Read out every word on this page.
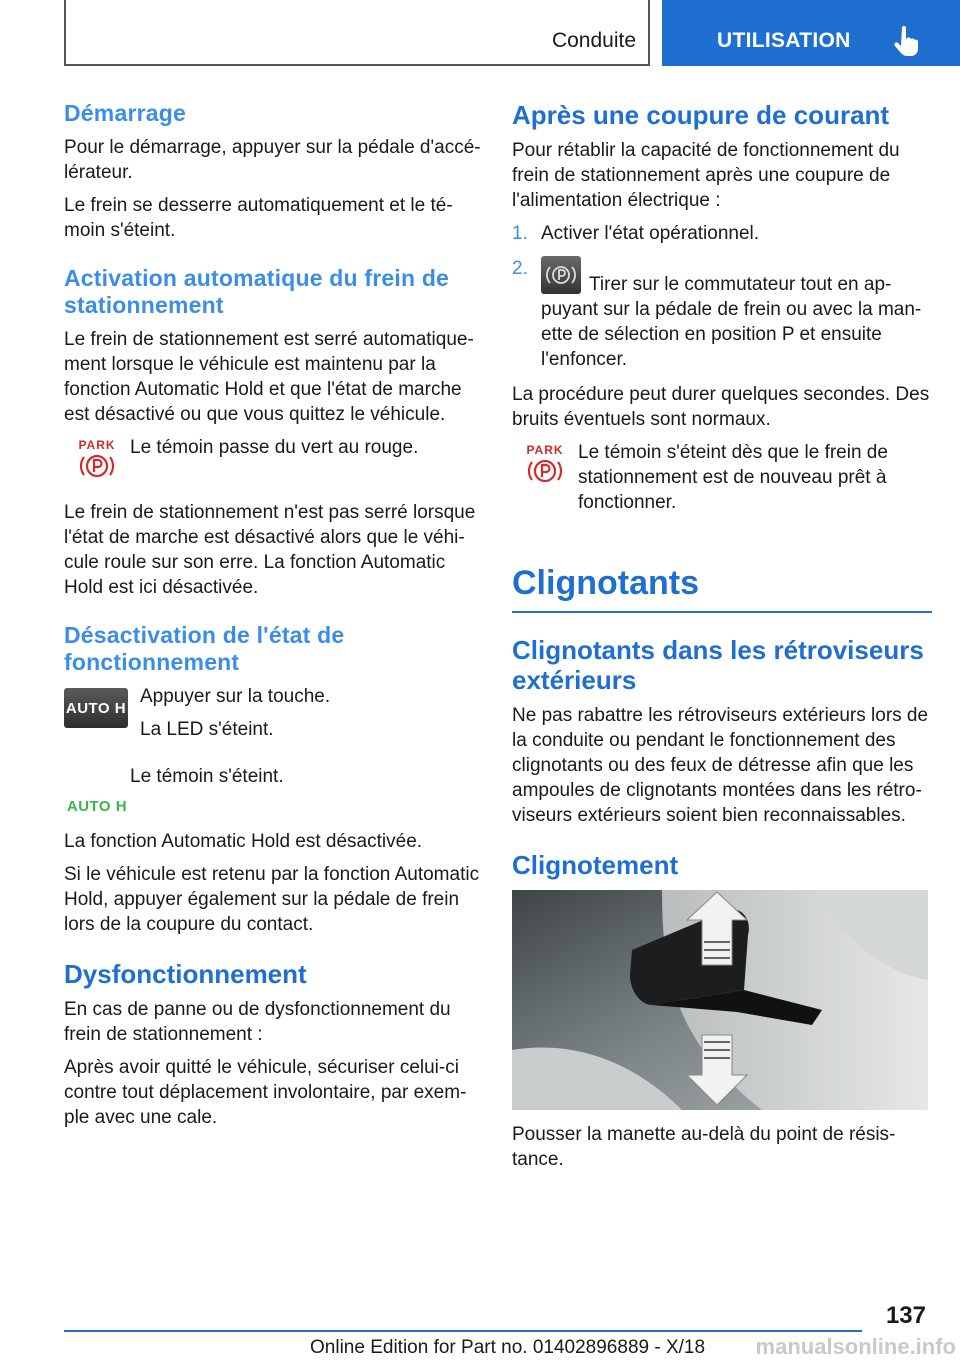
Conduite	UTILISATION
Démarrage

Pour le démarrage, appuyer sur la pédale d'accélérateur.

Le frein se desserre automatiquement et le témoin s'éteint.

Activation automatique du frein de stationnement

Le frein de stationnement est serré automatiquement lorsque le véhicule est maintenu par la fonction Automatic Hold et que l'état de marche est désactivé ou que vous quittez le véhicule.

PARK Le témoin passe du vert au rouge.

Le frein de stationnement n'est pas serré lorsque l'état de marche est désactivé alors que le véhicule roule sur son erre. La fonction Automatic Hold est ici désactivée.

Désactivation de l'état de fonctionnement
AUTO H

Appuyer sur la touche.

La LED s'éteint.

AUTO H

Le témoin s'éteint.

La fonction Automatic Hold est désactivée.

Si le véhicule est retenu par la fonction Automatic Hold, appuyer également sur la pédale de frein lors de la coupure du contact.

Dysfonctionnement

En cas de panne ou de dysfonctionnement du frein de stationnement :

Après avoir quitté le véhicule, sécuriser celui-ci contre tout déplacement involontaire, par exemple avec une cale.

Après une coupure de courant

Pour rétablir la capacité de fonctionnement du frein de stationnement après une coupure de l'alimentation électrique :

1. Activer l'état opérationnel.
2.
Tirer sur le commutateur tout en appuyant sur la pédale de frein ou avec la manette de sélection en position P et ensuite l'enfoncer.

La procédure peut durer quelques secondes. Des bruits éventuels sont normaux.

PARK Le témoin s'éteint dès que le frein de stationnement est de nouveau prêt à fonctionner.

Clignotants
Clignotants dans les rétroviseurs extérieurs

Ne pas rabattre les rétroviseurs extérieurs lors de la conduite ou pendant le fonctionnement des clignotants ou des feux de détresse afin que les ampoules de clignotants montées dans les rétroviseurs extérieurs soient bien reconnaissables.

Clignotement

Pousser la manette au-delà du point de résistance.

137
Online Edition for Part no. 01402896889 - X/18 manualsonline.info
